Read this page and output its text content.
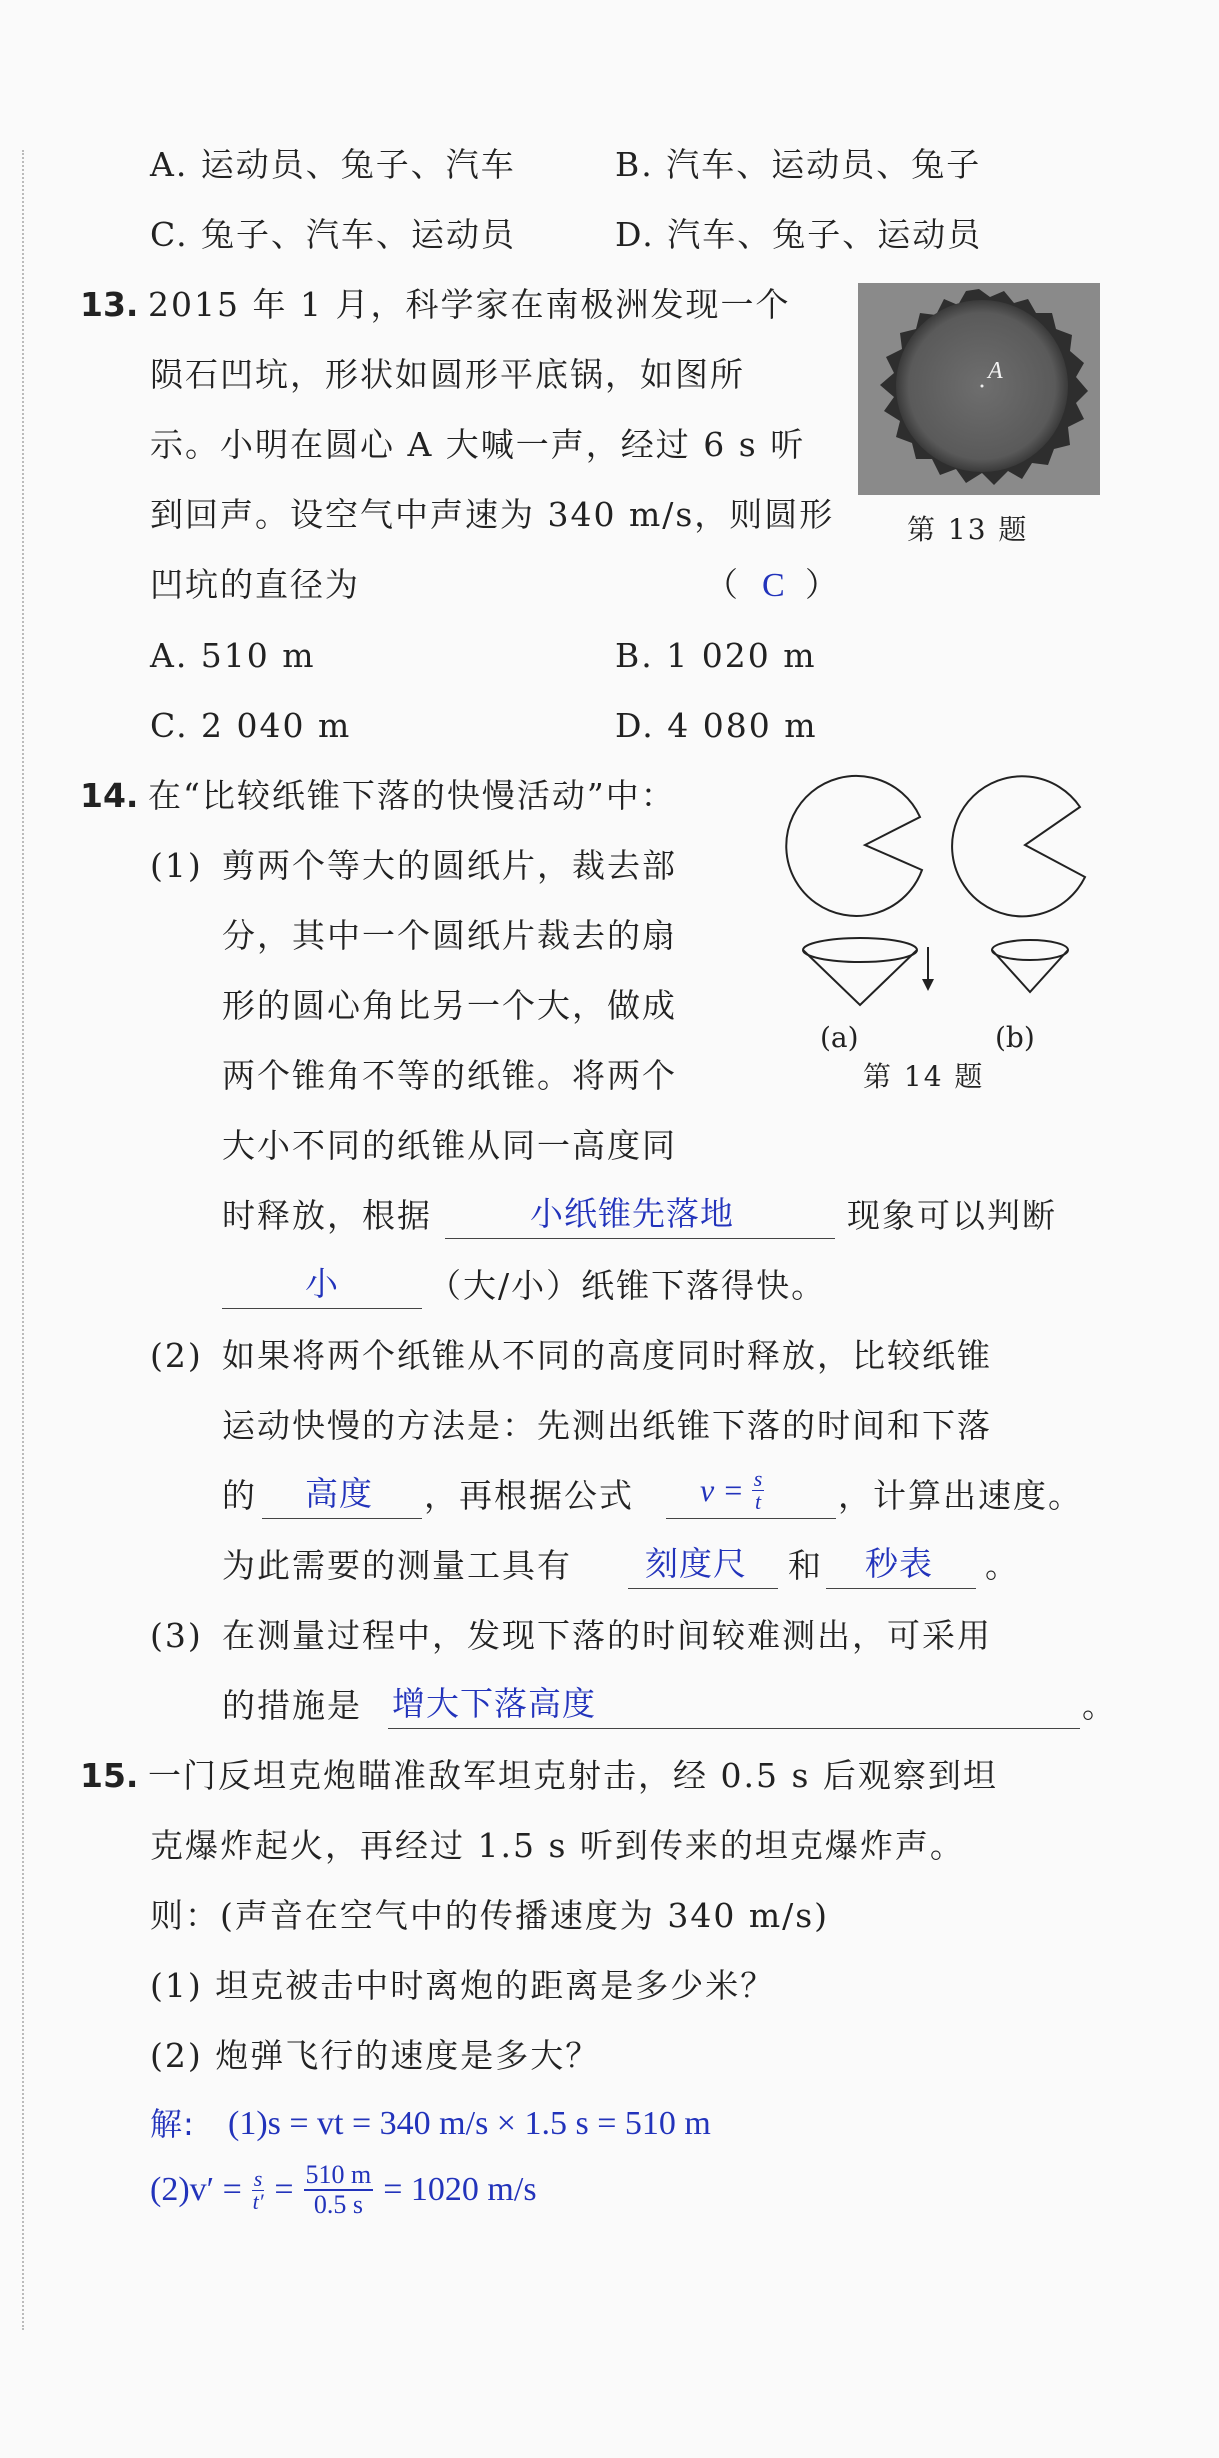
A. 运动员、兔子、汽车	B. 汽车、运动员、兔子
C. 兔子、汽车、运动员	D. 汽车、兔子、运动员
13. 2015 年 1 月，科学家在南极洲发现一个
陨石凹坑，形状如圆形平底锅，如图所
示。小明在圆心 A 大喊一声，经过 6 s 听
到回声。设空气中声速为 340 m/s，则圆形
凹坑的直径为	（ C ）
A
第 13 题
A. 510 m	B. 1 020 m
C. 2 040 m	D. 4 080 m
14. 在“比较纸锥下落的快慢活动”中：
(1) 剪两个等大的圆纸片，裁去部
分，其中一个圆纸片裁去的扇
形的圆心角比另一个大，做成
两个锥角不等的纸锥。将两个
大小不同的纸锥从同一高度同
时释放，根据	小纸锥先落地	现象可以判断
小	（大/小）纸锥下落得快。
(a)	(b)
第 14 题
(2) 如果将两个纸锥从不同的高度同时释放，比较纸锥
运动快慢的方法是：先测出纸锥下落的时间和下落
的 高度 ，再根据公式 $v = \frac{s}{t}$ ，计算出速度。
为此需要的测量工具有 刻度尺 和 秒表 。
(3) 在测量过程中，发现下落的时间较难测出，可采用
的措施是 增大下落高度	。
15. 一门反坦克炮瞄准敌军坦克射击，经 0.5 s 后观察到坦
克爆炸起火，再经过 1.5 s 听到传来的坦克爆炸声。
则：(声音在空气中的传播速度为 340 m/s)
(1) 坦克被击中时离炮的距离是多少米？
(2) 炮弹飞行的速度是多大？
解: (1)s = vt = 340 m/s × 1.5 s = 510 m
$(2)v' = \frac{s}{t'} = \frac{510 m}{0.5 s} = 1020$ m/s
